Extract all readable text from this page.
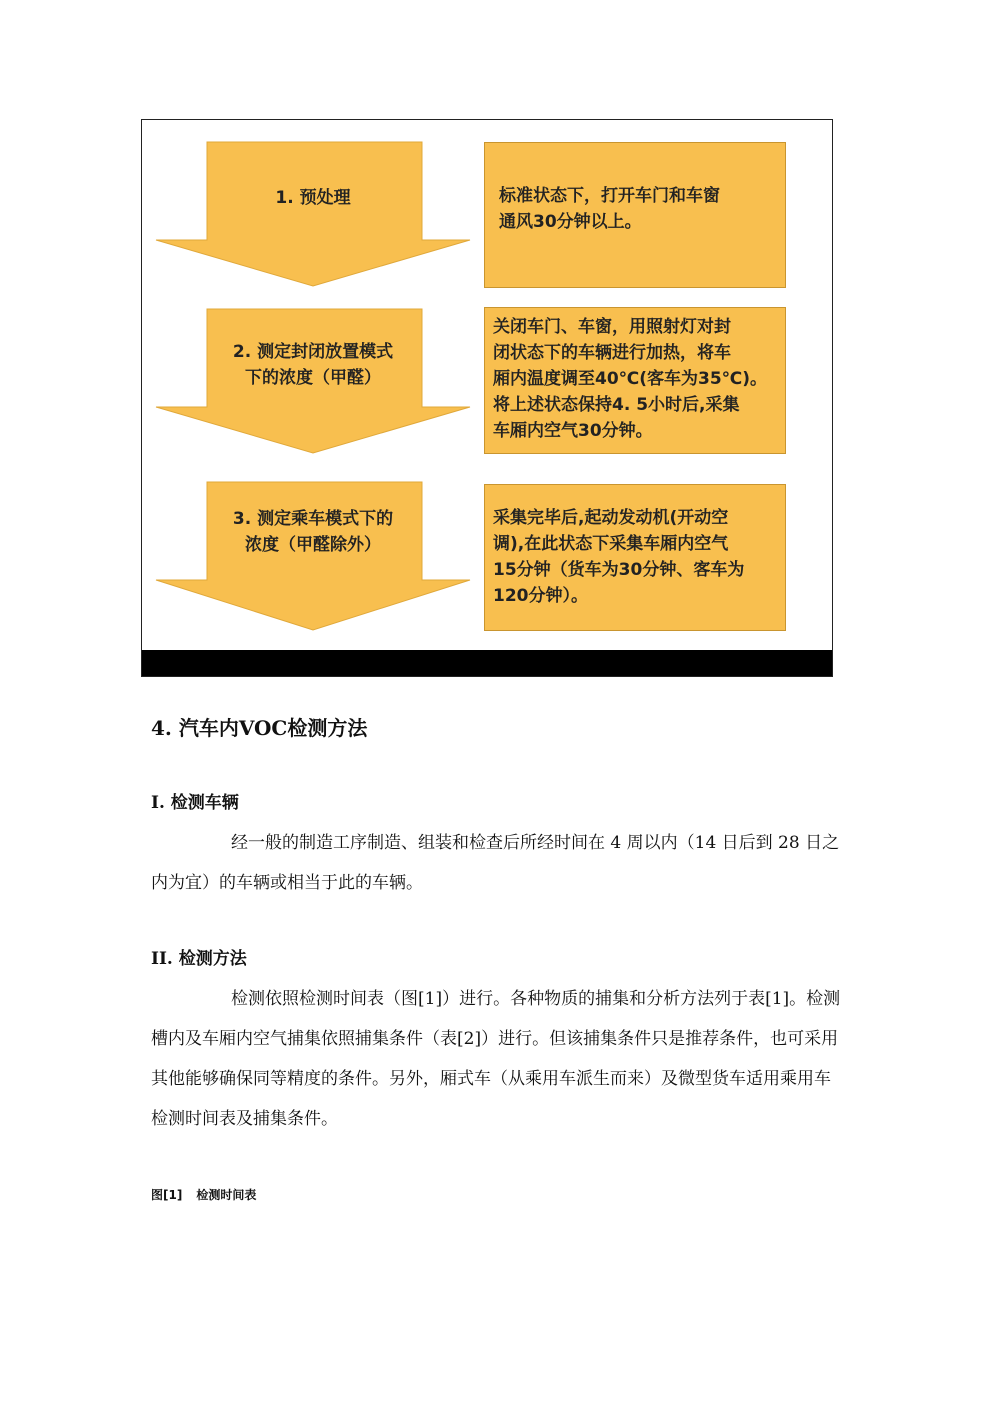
1. 预处理	标准状态下，打开车门和车窗
通风30分钟以上。
2. 测定封闭放置模式
下的浓度（甲醛）
关闭车门、车窗，用照射灯对封
闭状态下的车辆进行加热，将车
厢内温度调至40℃(客车为35℃)。
将上述状态保持4. 5小时后,采集
车厢内空气30分钟。
3. 测定乘车模式下的
浓度（甲醛除外）
采集完毕后,起动发动机(开动空
调),在此状态下采集车厢内空气
15分钟（货车为30分钟、客车为
120分钟）。
4. 汽车内VOC检测方法
I. 检测车辆
经一般的制造工序制造、组装和检查后所经时间在 4 周以内（14 日后到 28 日之内为宜）的车辆或相当于此的车辆。
II. 检测方法
检测依照检测时间表（图[1]）进行。各种物质的捕集和分析方法列于表[1]。检测槽内及车厢内空气捕集依照捕集条件（表[2]）进行。但该捕集条件只是推荐条件，也可采用其他能够确保同等精度的条件。另外，厢式车（从乘用车派生而来）及微型货车适用乘用车检测时间表及捕集条件。
图[1] 检测时间表
